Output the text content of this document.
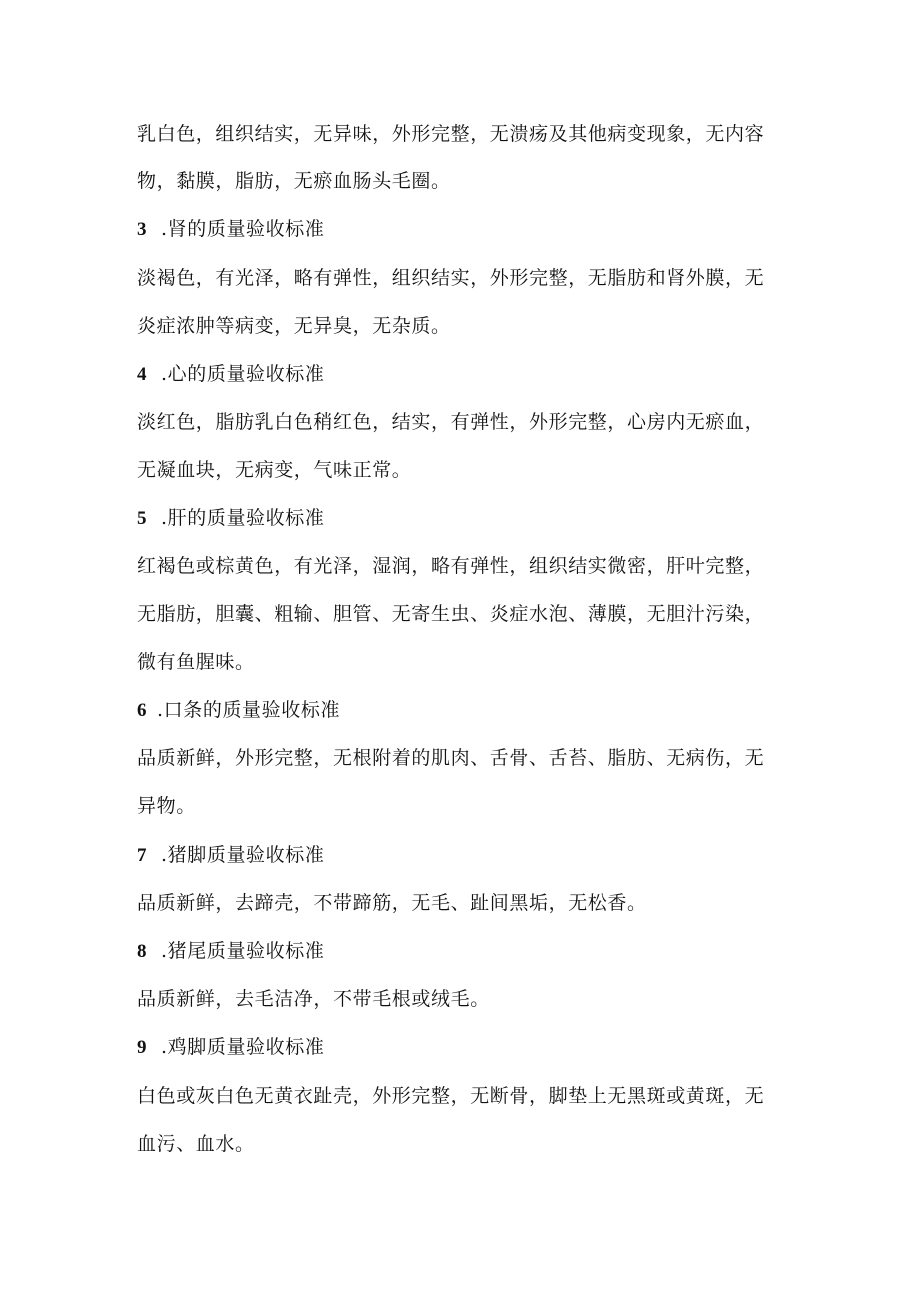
乳白色，组织结实，无异味，外形完整，无溃疡及其他病变现象，无内容
物，黏膜，脂肪，无瘀血肠头毛圈。
3 .肾的质量验收标准
淡褐色，有光泽，略有弹性，组织结实，外形完整，无脂肪和肾外膜，无
炎症浓肿等病变，无异臭，无杂质。
4 .心的质量验收标准
淡红色，脂肪乳白色稍红色，结实，有弹性，外形完整，心房内无瘀血，
无凝血块，无病变，气味正常。
5 .肝的质量验收标准
红褐色或棕黄色，有光泽，湿润，略有弹性，组织结实微密，肝叶完整，
无脂肪，胆囊、粗输、胆管、无寄生虫、炎症水泡、薄膜，无胆汁污染，
微有鱼腥味。
6 .口条的质量验收标准
品质新鲜，外形完整，无根附着的肌肉、舌骨、舌苔、脂肪、无病伤，无
异物。
7 .猪脚质量验收标准
品质新鲜，去蹄壳，不带蹄筋，无毛、趾间黑垢，无松香。
8 .猪尾质量验收标准
品质新鲜，去毛洁净，不带毛根或绒毛。
9 .鸡脚质量验收标准
白色或灰白色无黄衣趾壳，外形完整，无断骨，脚垫上无黑斑或黄斑，无
血污、血水。
